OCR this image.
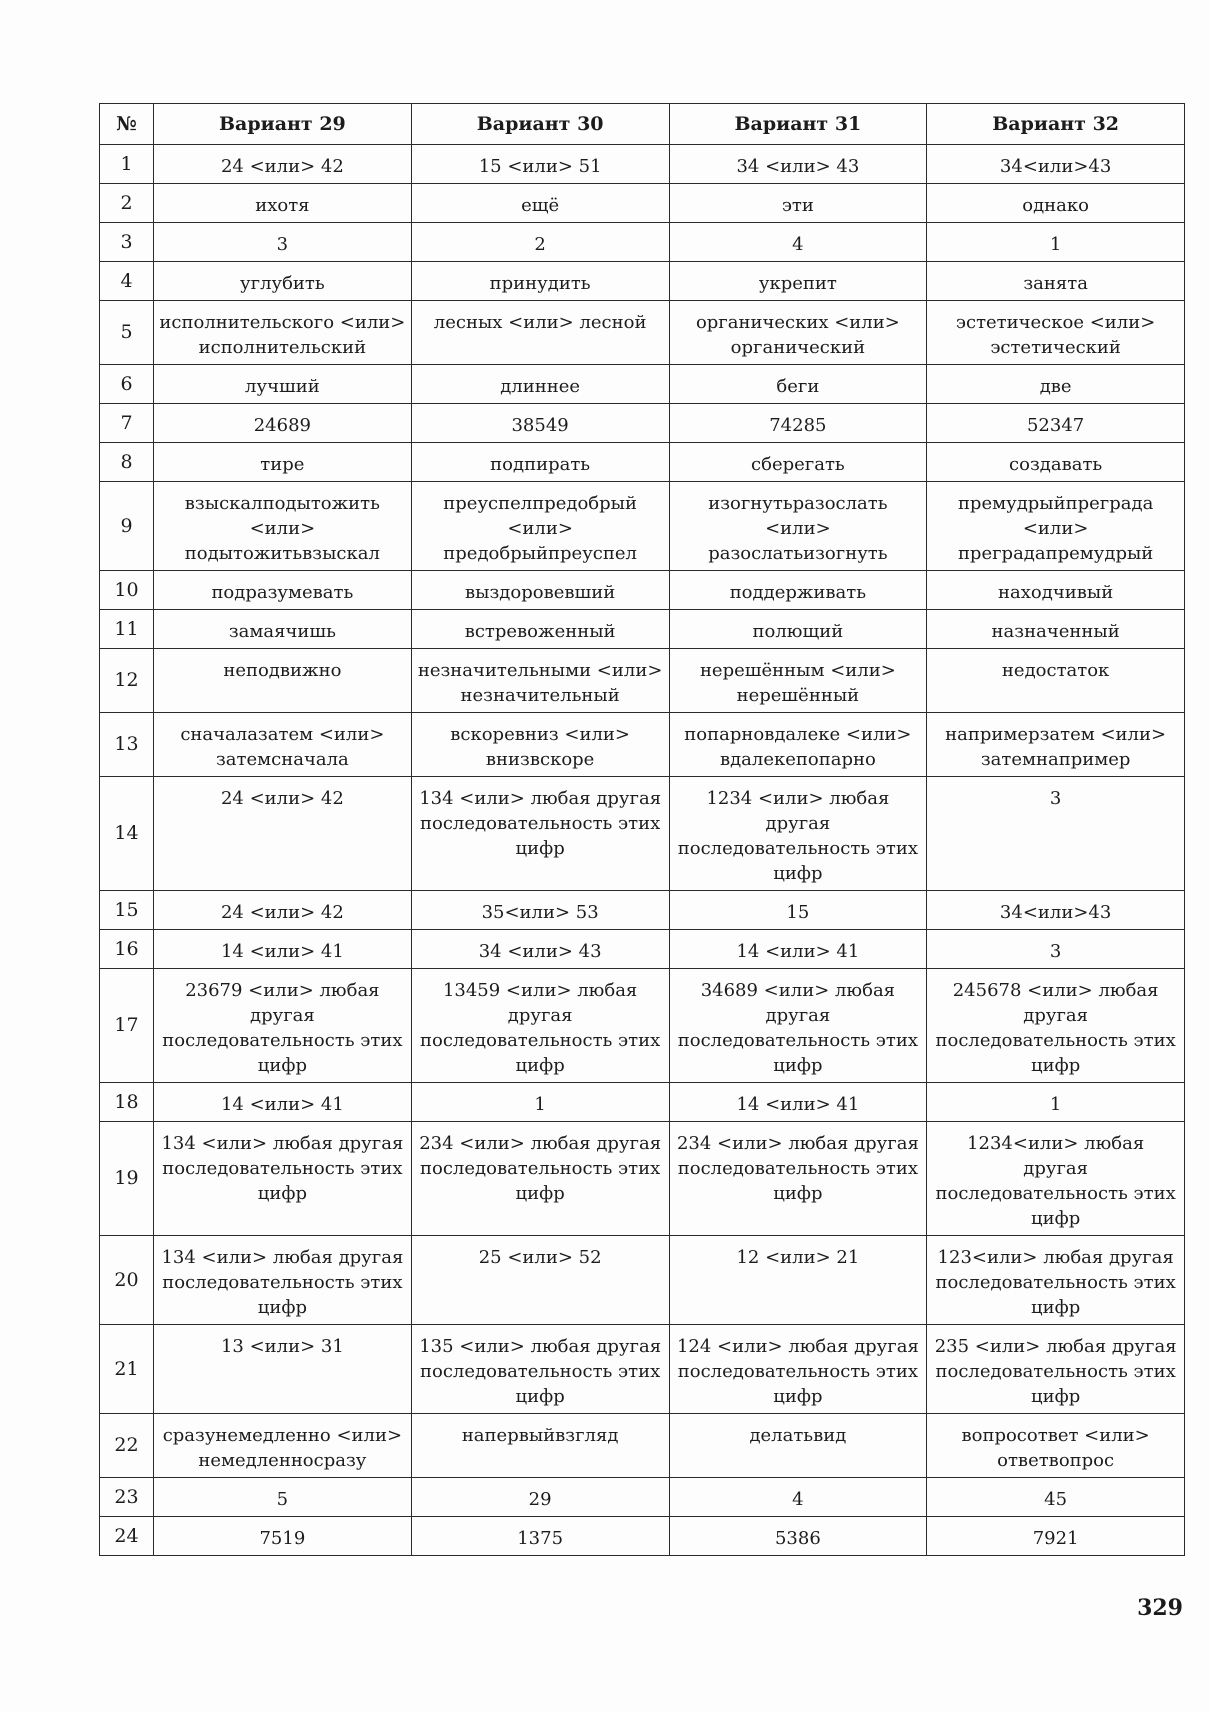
№	Вариант 29	Вариант 30	Вариант 31	Вариант 32
1	24 <или> 42	15 <или> 51	34 <или> 43	34<или>43
2	ихотя	ещё	эти	однако
3	3	2	4	1
4	углубить	принудить	укрепит	занята
5	исполнительского <или> исполнительский	лесных <или> лесной	органических <или> органический	эстетическое <или> эстетический
6	лучший	длиннее	беги	две
7	24689	38549	74285	52347
8	тире	подпирать	сберегать	создавать
9	взыскалподытожить <или> подытожитьвзыскал	преуспелпредобрый <или> предобрыйпреуспел	изогнутьразослать <или> разослатьизогнуть	премудрыйпреграда <или> преградапремудрый
10	подразумевать	выздоровевший	поддерживать	находчивый
11	замаячишь	встревоженный	полющий	назначенный
12	неподвижно	незначительными <или> незначительный	нерешённым <или> нерешённый	недостаток
13	сначалазатем <или> затемсначала	вскоревниз <или> внизвскоре	попарновдалеке <или> вдалекепопарно	напримерзатем <или> затемнапример
14	24 <или> 42	134 <или> любая другая последовательность этих цифр	1234 <или> любая другая последовательность этих цифр	3
15	24 <или> 42	35<или> 53	15	34<или>43
16	14 <или> 41	34 <или> 43	14 <или> 41	3
17	23679 <или> любая другая последовательность этих цифр	13459 <или> любая другая последовательность этих цифр	34689 <или> любая другая последовательность этих цифр	245678 <или> любая другая последовательность этих цифр
18	14 <или> 41	1	14 <или> 41	1
19	134 <или> любая другая последовательность этих цифр	234 <или> любая другая последовательность этих цифр	234 <или> любая другая последовательность этих цифр	1234<или> любая другая последовательность этих цифр
20	134 <или> любая другая последовательность этих цифр	25 <или> 52	12 <или> 21	123<или> любая другая последовательность этих цифр
21	13 <или> 31	135 <или> любая другая последовательность этих цифр	124 <или> любая другая последовательность этих цифр	235 <или> любая другая последовательность этих цифр
22	сразунемедленно <или> немедленносразу	напервыйвзгляд	делатьвид	вопросответ <или> ответвопрос
23	5	29	4	45
24	7519	1375	5386	7921
329
